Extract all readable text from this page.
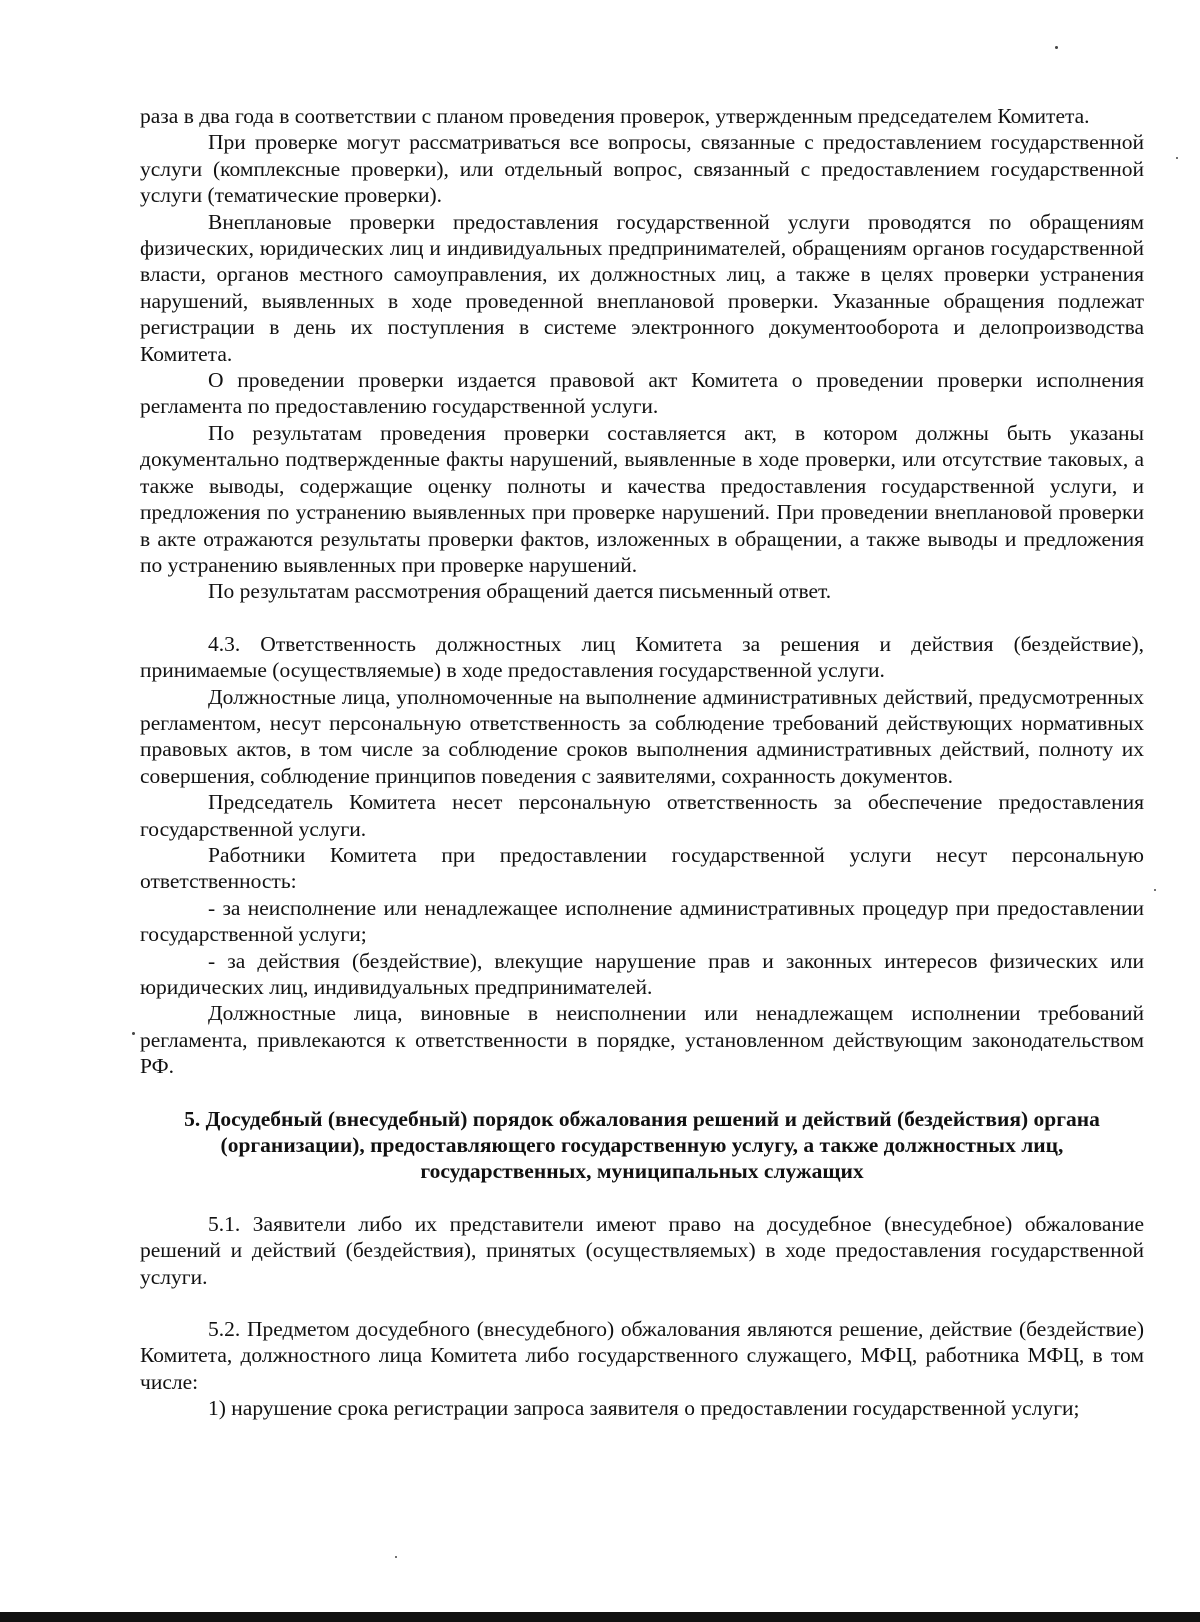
раза в два года в соответствии с планом проведения проверок, утвержденным председателем Комитета.

При проверке могут рассматриваться все вопросы, связанные с предоставлением государственной услуги (комплексные проверки), или отдельный вопрос, связанный с предоставлением государственной услуги (тематические проверки).

Внеплановые проверки предоставления государственной услуги проводятся по обращениям физических, юридических лиц и индивидуальных предпринимателей, обращениям органов государственной власти, органов местного самоуправления, их должностных лиц, а также в целях проверки устранения нарушений, выявленных в ходе проведенной внеплановой проверки. Указанные обращения подлежат регистрации в день их поступления в системе электронного документооборота и делопроизводства Комитета.

О проведении проверки издается правовой акт Комитета о проведении проверки исполнения регламента по предоставлению государственной услуги.

По результатам проведения проверки составляется акт, в котором должны быть указаны документально подтвержденные факты нарушений, выявленные в ходе проверки, или отсутствие таковых, а также выводы, содержащие оценку полноты и качества предоставления государственной услуги, и предложения по устранению выявленных при проверке нарушений. При проведении внеплановой проверки в акте отражаются результаты проверки фактов, изложенных в обращении, а также выводы и предложения по устранению выявленных при проверке нарушений.

По результатам рассмотрения обращений дается письменный ответ.

4.3. Ответственность должностных лиц Комитета за решения и действия (бездействие), принимаемые (осуществляемые) в ходе предоставления государственной услуги.

Должностные лица, уполномоченные на выполнение административных действий, предусмотренных регламентом, несут персональную ответственность за соблюдение требований действующих нормативных правовых актов, в том числе за соблюдение сроков выполнения административных действий, полноту их совершения, соблюдение принципов поведения с заявителями, сохранность документов.

Председатель Комитета несет персональную ответственность за обеспечение предоставления государственной услуги.

Работники Комитета при предоставлении государственной услуги несут персональную ответственность:

- за неисполнение или ненадлежащее исполнение административных процедур при предоставлении государственной услуги;

- за действия (бездействие), влекущие нарушение прав и законных интересов физических или юридических лиц, индивидуальных предпринимателей.

Должностные лица, виновные в неисполнении или ненадлежащем исполнении требований регламента, привлекаются к ответственности в порядке, установленном действующим законодательством РФ.

5. Досудебный (внесудебный) порядок обжалования решений и действий (бездействия) органа (организации), предоставляющего государственную услугу, а также должностных лиц, государственных, муниципальных служащих

5.1. Заявители либо их представители имеют право на досудебное (внесудебное) обжалование решений и действий (бездействия), принятых (осуществляемых) в ходе предоставления государственной услуги.

5.2. Предметом досудебного (внесудебного) обжалования являются решение, действие (бездействие) Комитета, должностного лица Комитета либо государственного служащего, МФЦ, работника МФЦ, в том числе:

1) нарушение срока регистрации запроса заявителя о предоставлении государственной услуги;
